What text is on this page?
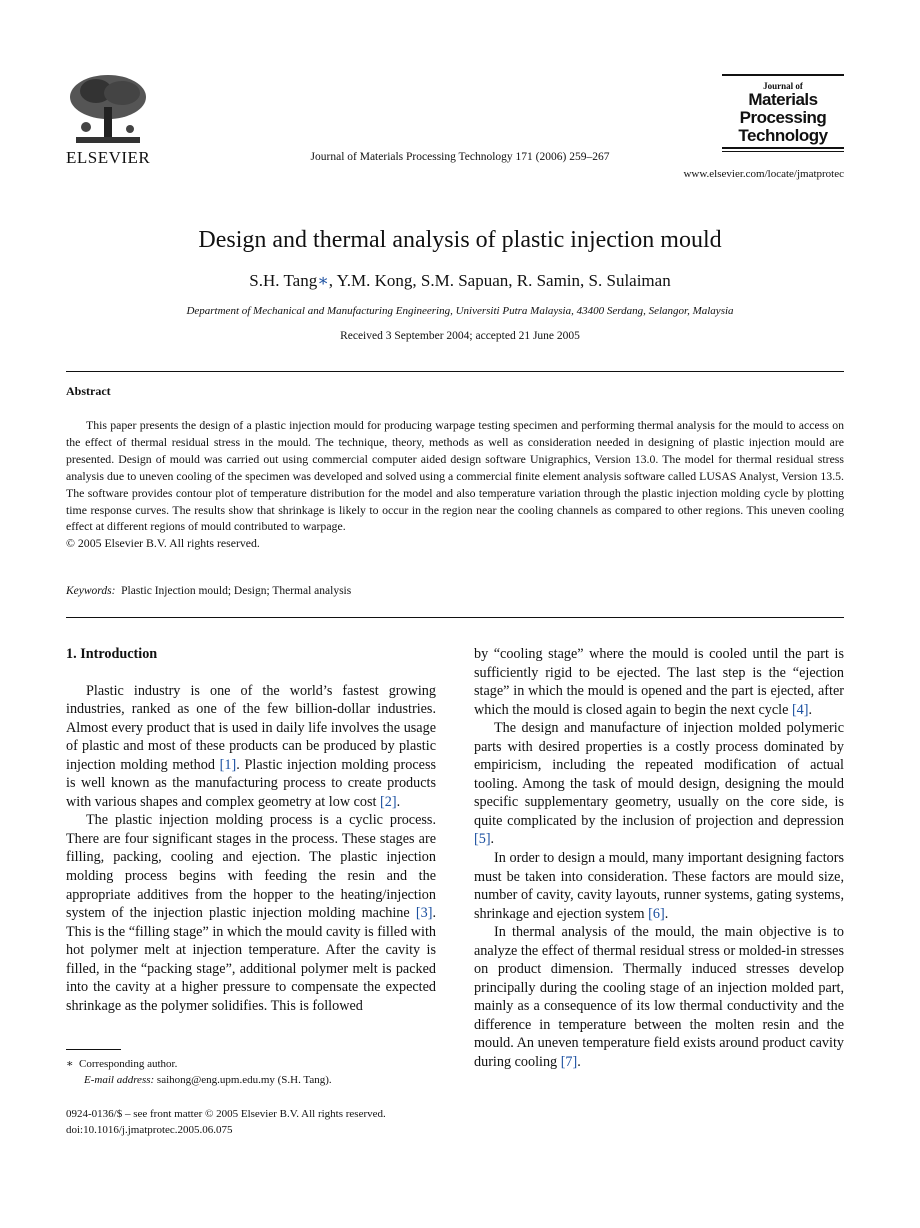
ELSEVIER	Journal of Materials Processing Technology 171 (2006) 259–267
Journal of
Materials
Processing
Technology
www.elsevier.com/locate/jmatprotec
Design and thermal analysis of plastic injection mould
S.H. Tang∗, Y.M. Kong, S.M. Sapuan, R. Samin, S. Sulaiman
Department of Mechanical and Manufacturing Engineering, Universiti Putra Malaysia, 43400 Serdang, Selangor, Malaysia
Received 3 September 2004; accepted 21 June 2005
Abstract
This paper presents the design of a plastic injection mould for producing warpage testing specimen and performing thermal analysis for the mould to access on the effect of thermal residual stress in the mould. The technique, theory, methods as well as consideration needed in designing of plastic injection mould are presented. Design of mould was carried out using commercial computer aided design software Unigraphics, Version 13.0. The model for thermal residual stress analysis due to uneven cooling of the specimen was developed and solved using a commercial finite element analysis software called LUSAS Analyst, Version 13.5. The software provides contour plot of temperature distribution for the model and also temperature variation through the plastic injection molding cycle by plotting time response curves. The results show that shrinkage is likely to occur in the region near the cooling channels as compared to other regions. This uneven cooling effect at different regions of mould contributed to warpage.
© 2005 Elsevier B.V. All rights reserved.
Keywords: Plastic Injection mould; Design; Thermal analysis
1. Introduction

Plastic industry is one of the world’s fastest growing industries, ranked as one of the few billion-dollar industries. Almost every product that is used in daily life involves the usage of plastic and most of these products can be produced by plastic injection molding method [1]. Plastic injection molding process is well known as the manufacturing process to create products with various shapes and complex geometry at low cost [2].

The plastic injection molding process is a cyclic process. There are four significant stages in the process. These stages are filling, packing, cooling and ejection. The plastic injection molding process begins with feeding the resin and the appropriate additives from the hopper to the heating/injection system of the injection plastic injection molding machine [3]. This is the “filling stage” in which the mould cavity is filled with hot polymer melt at injection temperature. After the cavity is filled, in the “packing stage”, additional polymer melt is packed into the cavity at a higher pressure to compensate the expected shrinkage as the polymer solidifies. This is followed

by “cooling stage” where the mould is cooled until the part is sufficiently rigid to be ejected. The last step is the “ejection stage” in which the mould is opened and the part is ejected, after which the mould is closed again to begin the next cycle [4].

The design and manufacture of injection molded polymeric parts with desired properties is a costly process dominated by empiricism, including the repeated modification of actual tooling. Among the task of mould design, designing the mould specific supplementary geometry, usually on the core side, is quite complicated by the inclusion of projection and depression [5].

In order to design a mould, many important designing factors must be taken into consideration. These factors are mould size, number of cavity, cavity layouts, runner systems, gating systems, shrinkage and ejection system [6].

In thermal analysis of the mould, the main objective is to analyze the effect of thermal residual stress or molded-in stresses on product dimension. Thermally induced stresses develop principally during the cooling stage of an injection molded part, mainly as a consequence of its low thermal conductivity and the difference in temperature between the molten resin and the mould. An uneven temperature field exists around product cavity during cooling [7].

∗ Corresponding author.
E-mail address: saihong@eng.upm.edu.my (S.H. Tang).
0924-0136/$ – see front matter © 2005 Elsevier B.V. All rights reserved.
doi:10.1016/j.jmatprotec.2005.06.075
